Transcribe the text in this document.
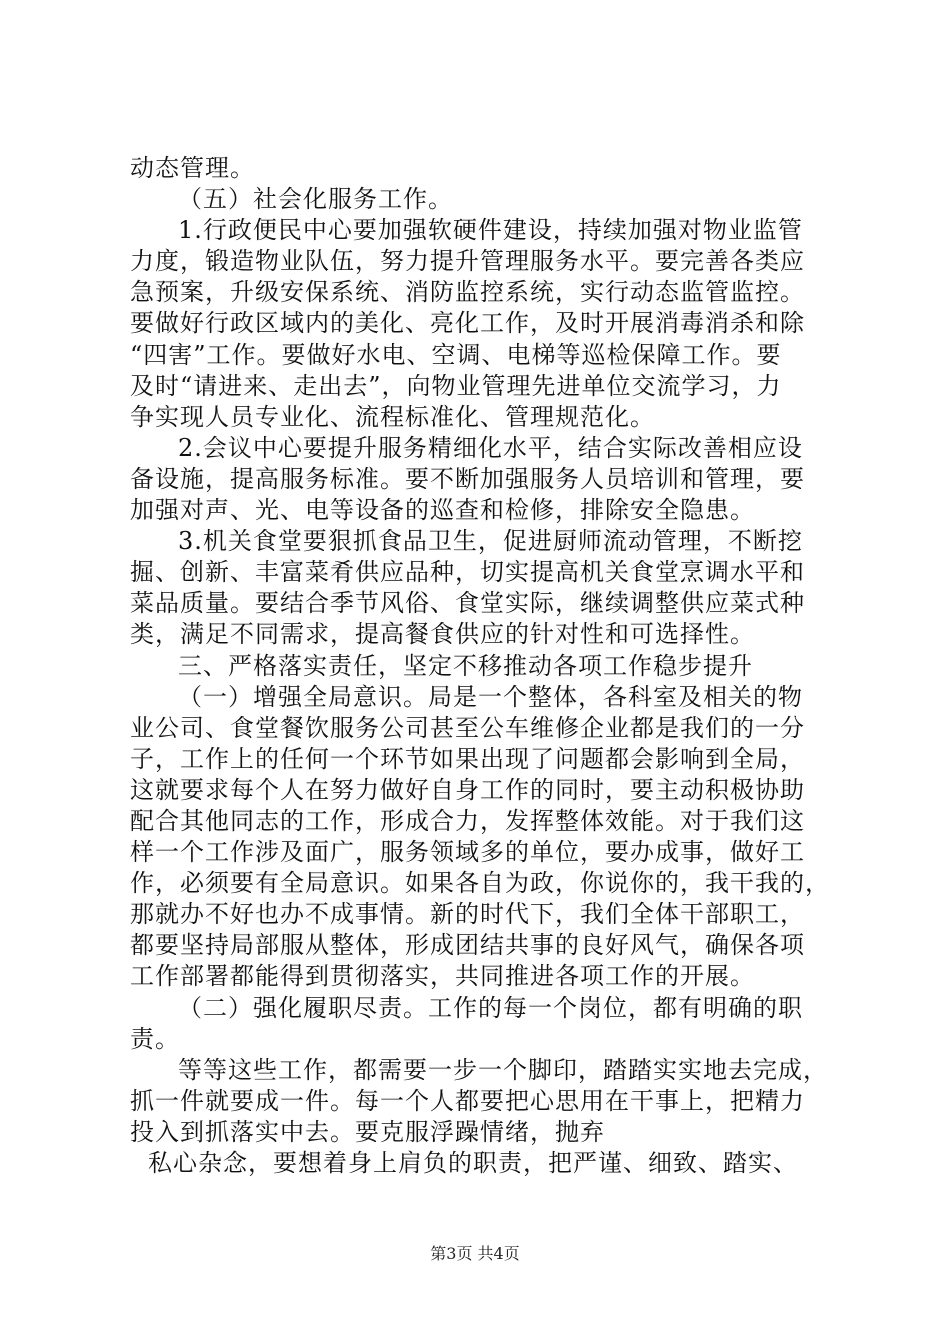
动态管理。
（五）社会化服务工作。
1.行政便民中心要加强软硬件建设，持续加强对物业监管
力度，锻造物业队伍，努力提升管理服务水平。要完善各类应
急预案，升级安保系统、消防监控系统，实行动态监管监控。
要做好行政区域内的美化、亮化工作，及时开展消毒消杀和除
“四害”工作。要做好水电、空调、电梯等巡检保障工作。要
及时“请进来、走出去”，向物业管理先进单位交流学习，力
争实现人员专业化、流程标准化、管理规范化。
2.会议中心要提升服务精细化水平，结合实际改善相应设
备设施，提高服务标准。要不断加强服务人员培训和管理，要
加强对声、光、电等设备的巡查和检修，排除安全隐患。
3.机关食堂要狠抓食品卫生，促进厨师流动管理，不断挖
掘、创新、丰富菜肴供应品种，切实提高机关食堂烹调水平和
菜品质量。要结合季节风俗、食堂实际，继续调整供应菜式种
类，满足不同需求，提高餐食供应的针对性和可选择性。
三、严格落实责任，坚定不移推动各项工作稳步提升
（一）增强全局意识。局是一个整体，各科室及相关的物
业公司、食堂餐饮服务公司甚至公车维修企业都是我们的一分
子，工作上的任何一个环节如果出现了问题都会影响到全局，
这就要求每个人在努力做好自身工作的同时，要主动积极协助
配合其他同志的工作，形成合力，发挥整体效能。对于我们这
样一个工作涉及面广，服务领域多的单位，要办成事，做好工
作，必须要有全局意识。如果各自为政，你说你的，我干我的，
那就办不好也办不成事情。新的时代下，我们全体干部职工，
都要坚持局部服从整体，形成团结共事的良好风气，确保各项
工作部署都能得到贯彻落实，共同推进各项工作的开展。
（二）强化履职尽责。工作的每一个岗位，都有明确的职
责。
等等这些工作，都需要一步一个脚印，踏踏实实地去完成，
抓一件就要成一件。每一个人都要把心思用在干事上，把精力
投入到抓落实中去。要克服浮躁情绪，抛弃
私心杂念，要想着身上肩负的职责，把严谨、细致、踏实、
第3页 共4页
